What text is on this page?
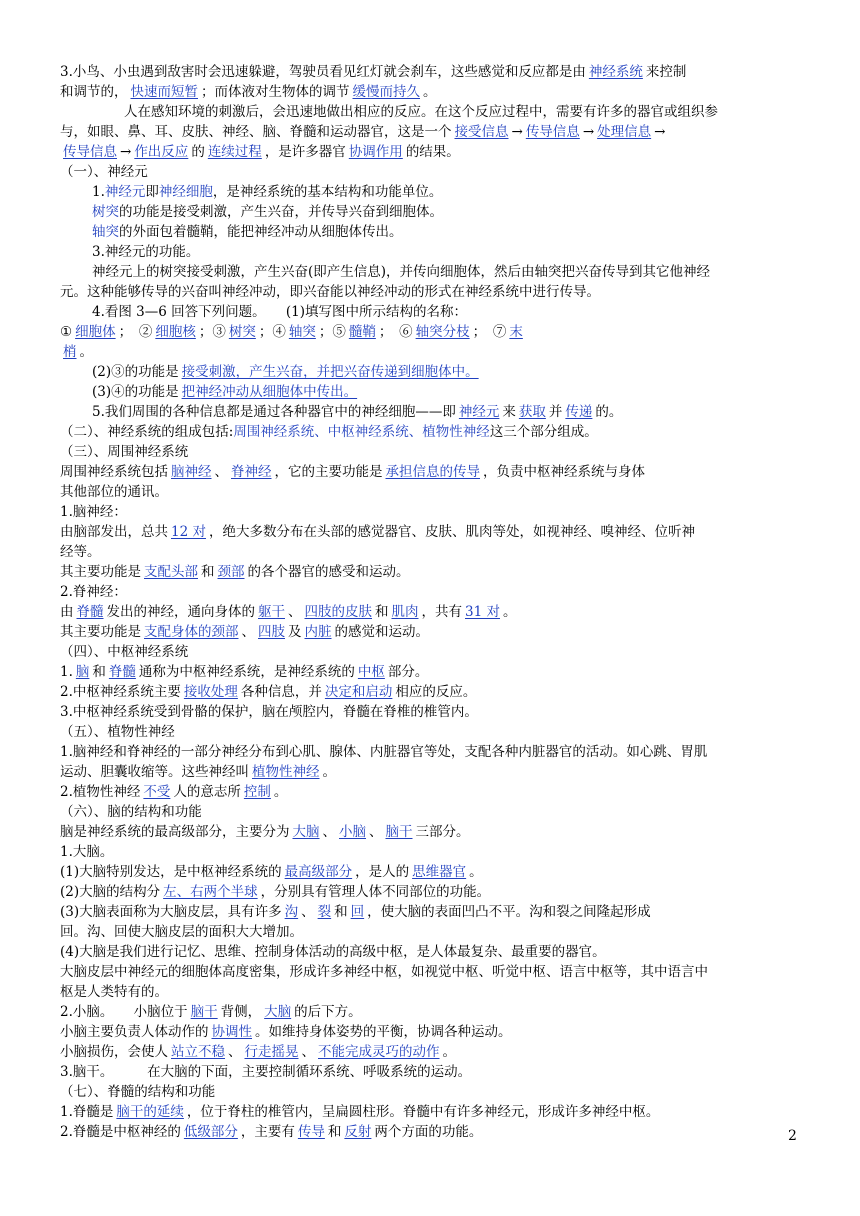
3.小鸟、小虫遇到敌害时会迅速躲避，驾驶员看见红灯就会刹车，这些感觉和反应都是由 神经系统 来控制
和调节的， 快速而短暂 ；而体液对生物体的调节 缓慢而持久 。
人在感知环境的刺激后，会迅速地做出相应的反应。在这个反应过程中，需要有许多的器官或组织参
与，如眼、鼻、耳、皮肤、神经、脑、脊髓和运动器官，这是一个 接受信息 → 传导信息 → 处理信息 →
传导信息 → 作出反应 的 连续过程 ，是许多器官 协调作用 的结果。
（一）、神经元
1.神经元即神经细胞，是神经系统的基本结构和功能单位。
树突的功能是接受刺激，产生兴奋，并传导兴奋到细胞体。
轴突的外面包着髓鞘，能把神经冲动从细胞体传出。
3.神经元的功能。
神经元上的树突接受刺激，产生兴奋(即产生信息)，并传向细胞体，然后由轴突把兴奋传导到其它他神经
元。这种能够传导的兴奋叫神经冲动，即兴奋能以神经冲动的形式在神经系统中进行传导。
4.看图 3—6 回答下列问题。　　(1)填写图中所示结构的名称：
① 细胞体 ；　② 细胞核 ；③ 树突 ；④ 轴突 ；⑤ 髓鞘 ；　⑥ 轴突分枝 ；　⑦ 末
梢 。
(2)③的功能是 接受刺激，产生兴奋，并把兴奋传递到细胞体中。
(3)④的功能是 把神经冲动从细胞体中传出。
5.我们周围的各种信息都是通过各种器官中的神经细胞——即 神经元 来 获取 并 传递 的。
（二）、神经系统的组成包括:周围神经系统、中枢神经系统、植物性神经这三个部分组成。
（三）、周围神经系统
周围神经系统包括 脑神经 、 脊神经 ，它的主要功能是 承担信息的传导 ，负责中枢神经系统与身体
其他部位的通讯。
1.脑神经：
由脑部发出，总共 12 对 ，绝大多数分布在头部的感觉器官、皮肤、肌肉等处，如视神经、嗅神经、位听神
经等。
其主要功能是 支配头部 和 颈部 的各个器官的感受和运动。
2.脊神经：
由 脊髓 发出的神经，通向身体的 躯干 、 四肢的皮肤 和 肌肉 ，共有 31 对 。
其主要功能是 支配身体的颈部 、 四肢 及 内脏 的感觉和运动。
（四）、中枢神经系统
1. 脑 和 脊髓 通称为中枢神经系统，是神经系统的 中枢 部分。
2.中枢神经系统主要 接收处理 各种信息，并 决定和启动 相应的反应。
3.中枢神经系统受到骨骼的保护，脑在颅腔内，脊髓在脊椎的椎管内。
（五）、植物性神经
1.脑神经和脊神经的一部分神经分布到心肌、腺体、内脏器官等处，支配各种内脏器官的活动。如心跳、胃肌
运动、胆囊收缩等。这些神经叫 植物性神经 。
2.植物性神经 不受 人的意志所 控制 。
（六）、脑的结构和功能
脑是神经系统的最高级部分，主要分为 大脑 、 小脑 、 脑干 三部分。
1.大脑。
(1)大脑特别发达，是中枢神经系统的 最高级部分 ，是人的 思维器官 。
(2)大脑的结构分 左、右两个半球 ，分别具有管理人体不同部位的功能。
(3)大脑表面称为大脑皮层，具有许多 沟 、 裂 和 回 ，使大脑的表面凹凸不平。沟和裂之间隆起形成
回。沟、回使大脑皮层的面积大大增加。
(4)大脑是我们进行记忆、思维、控制身体活动的高级中枢，是人体最复杂、最重要的器官。
大脑皮层中神经元的细胞体高度密集，形成许多神经中枢，如视觉中枢、听觉中枢、语言中枢等，其中语言中
枢是人类特有的。
2.小脑。　　小脑位于 脑干 背侧， 大脑 的后下方。
小脑主要负责人体动作的 协调性 。如维持身体姿势的平衡，协调各种运动。
小脑损伤，会使人 站立不稳 、 行走摇晃 、 不能完成灵巧的动作 。
3.脑干。　　　在大脑的下面，主要控制循环系统、呼吸系统的运动。
（七）、脊髓的结构和功能
1.脊髓是 脑干的延续 ，位于脊柱的椎管内，呈扁圆柱形。脊髓中有许多神经元，形成许多神经中枢。
2.脊髓是中枢神经的 低级部分 ，主要有 传导 和 反射 两个方面的功能。	2
